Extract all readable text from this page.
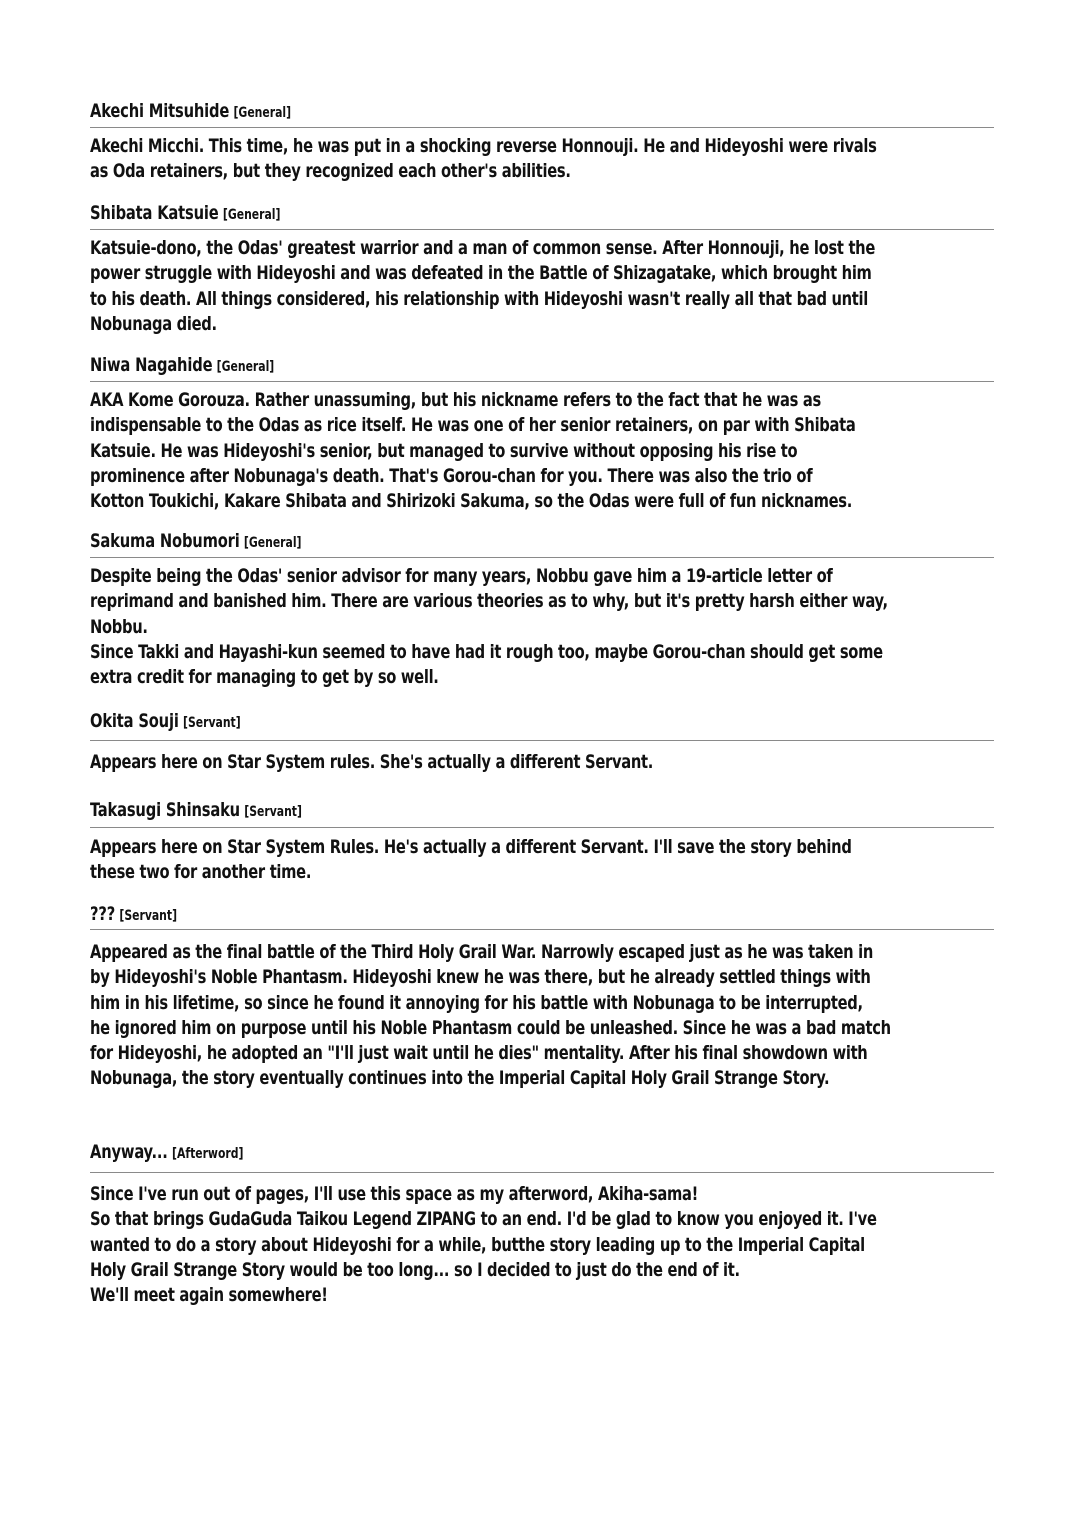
Akechi Mitsuhide [General]
Akechi Micchi. This time, he was put in a shocking reverse Honnouji. He and Hideyoshi were rivals
as Oda retainers, but they recognized each other's abilities.
Shibata Katsuie [General]
Katsuie-dono, the Odas' greatest warrior and a man of common sense. After Honnouji, he lost the
power struggle with Hideyoshi and was defeated in the Battle of Shizagatake, which brought him
to his death. All things considered, his relationship with Hideyoshi wasn't really all that bad until
Nobunaga died.
Niwa Nagahide [General]
AKA Kome Gorouza. Rather unassuming, but his nickname refers to the fact that he was as
indispensable to the Odas as rice itself. He was one of her senior retainers, on par with Shibata
Katsuie. He was Hideyoshi's senior, but managed to survive without opposing his rise to
prominence after Nobunaga's death. That's Gorou-chan for you. There was also the trio of
Kotton Toukichi, Kakare Shibata and Shirizoki Sakuma, so the Odas were full of fun nicknames.
Sakuma Nobumori [General]
Despite being the Odas' senior advisor for many years, Nobbu gave him a 19-article letter of
reprimand and banished him. There are various theories as to why, but it's pretty harsh either way,
Nobbu.
Since Takki and Hayashi-kun seemed to have had it rough too, maybe Gorou-chan should get some
extra credit for managing to get by so well.
Okita Souji [Servant]
Appears here on Star System rules. She's actually a different Servant.
Takasugi Shinsaku [Servant]
Appears here on Star System Rules. He's actually a different Servant. I'll save the story behind
these two for another time.
??? [Servant]
Appeared as the final battle of the Third Holy Grail War. Narrowly escaped just as he was taken in
by Hideyoshi's Noble Phantasm. Hideyoshi knew he was there, but he already settled things with
him in his lifetime, so since he found it annoying for his battle with Nobunaga to be interrupted,
he ignored him on purpose until his Noble Phantasm could be unleashed. Since he was a bad match
for Hideyoshi, he adopted an "I'll just wait until he dies" mentality. After his final showdown with
Nobunaga, the story eventually continues into the Imperial Capital Holy Grail Strange Story.
Anyway... [Afterword]
Since I've run out of pages, I'll use this space as my afterword, Akiha-sama!
So that brings GudaGuda Taikou Legend ZIPANG to an end. I'd be glad to know you enjoyed it. I've
wanted to do a story about Hideyoshi for a while, butthe story leading up to the Imperial Capital
Holy Grail Strange Story would be too long... so I decided to just do the end of it.
We'll meet again somewhere!
